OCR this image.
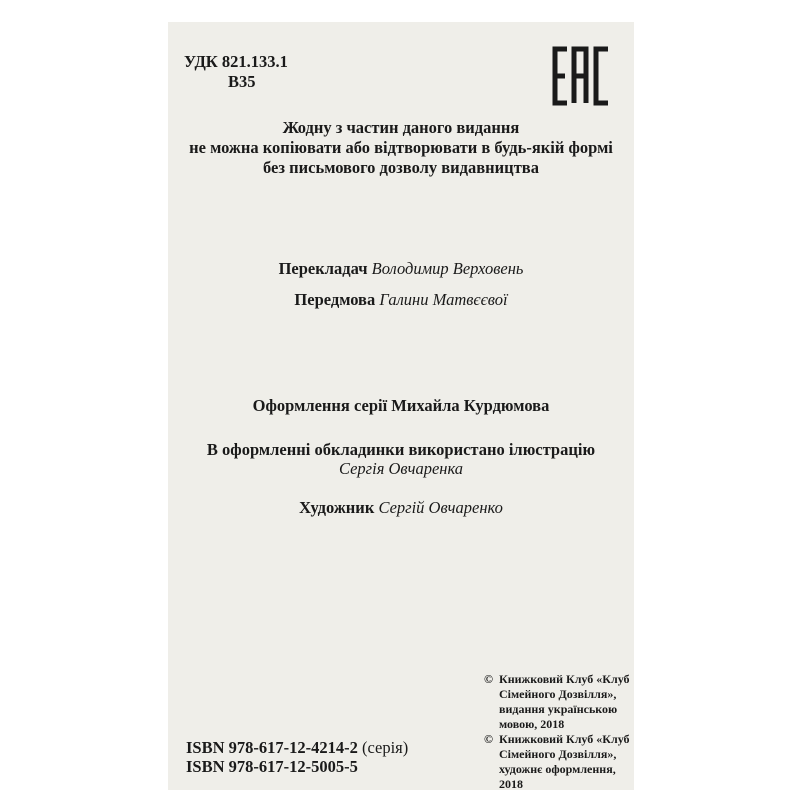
УДК 821.133.1
В35
Жодну з частин даного видання
не можна копіювати або відтворювати в будь-якій формі
без письмового дозволу видавництва
Перекладач Володимир Верховень
Передмова Галини Матвєєвої
Оформлення серії Михайла Курдюмова
В оформленні обкладинки використано ілюстрацію
Сергія Овчаренка
Художник Сергій Овчаренко
ISBN 978-617-12-4214-2 (серія)
ISBN 978-617-12-5005-5
© Книжковий Клуб «Клуб
Сімейного Дозвілля»,
видання українською
мовою, 2018
© Книжковий Клуб «Клуб
Сімейного Дозвілля»,
художнє оформлення,
2018
